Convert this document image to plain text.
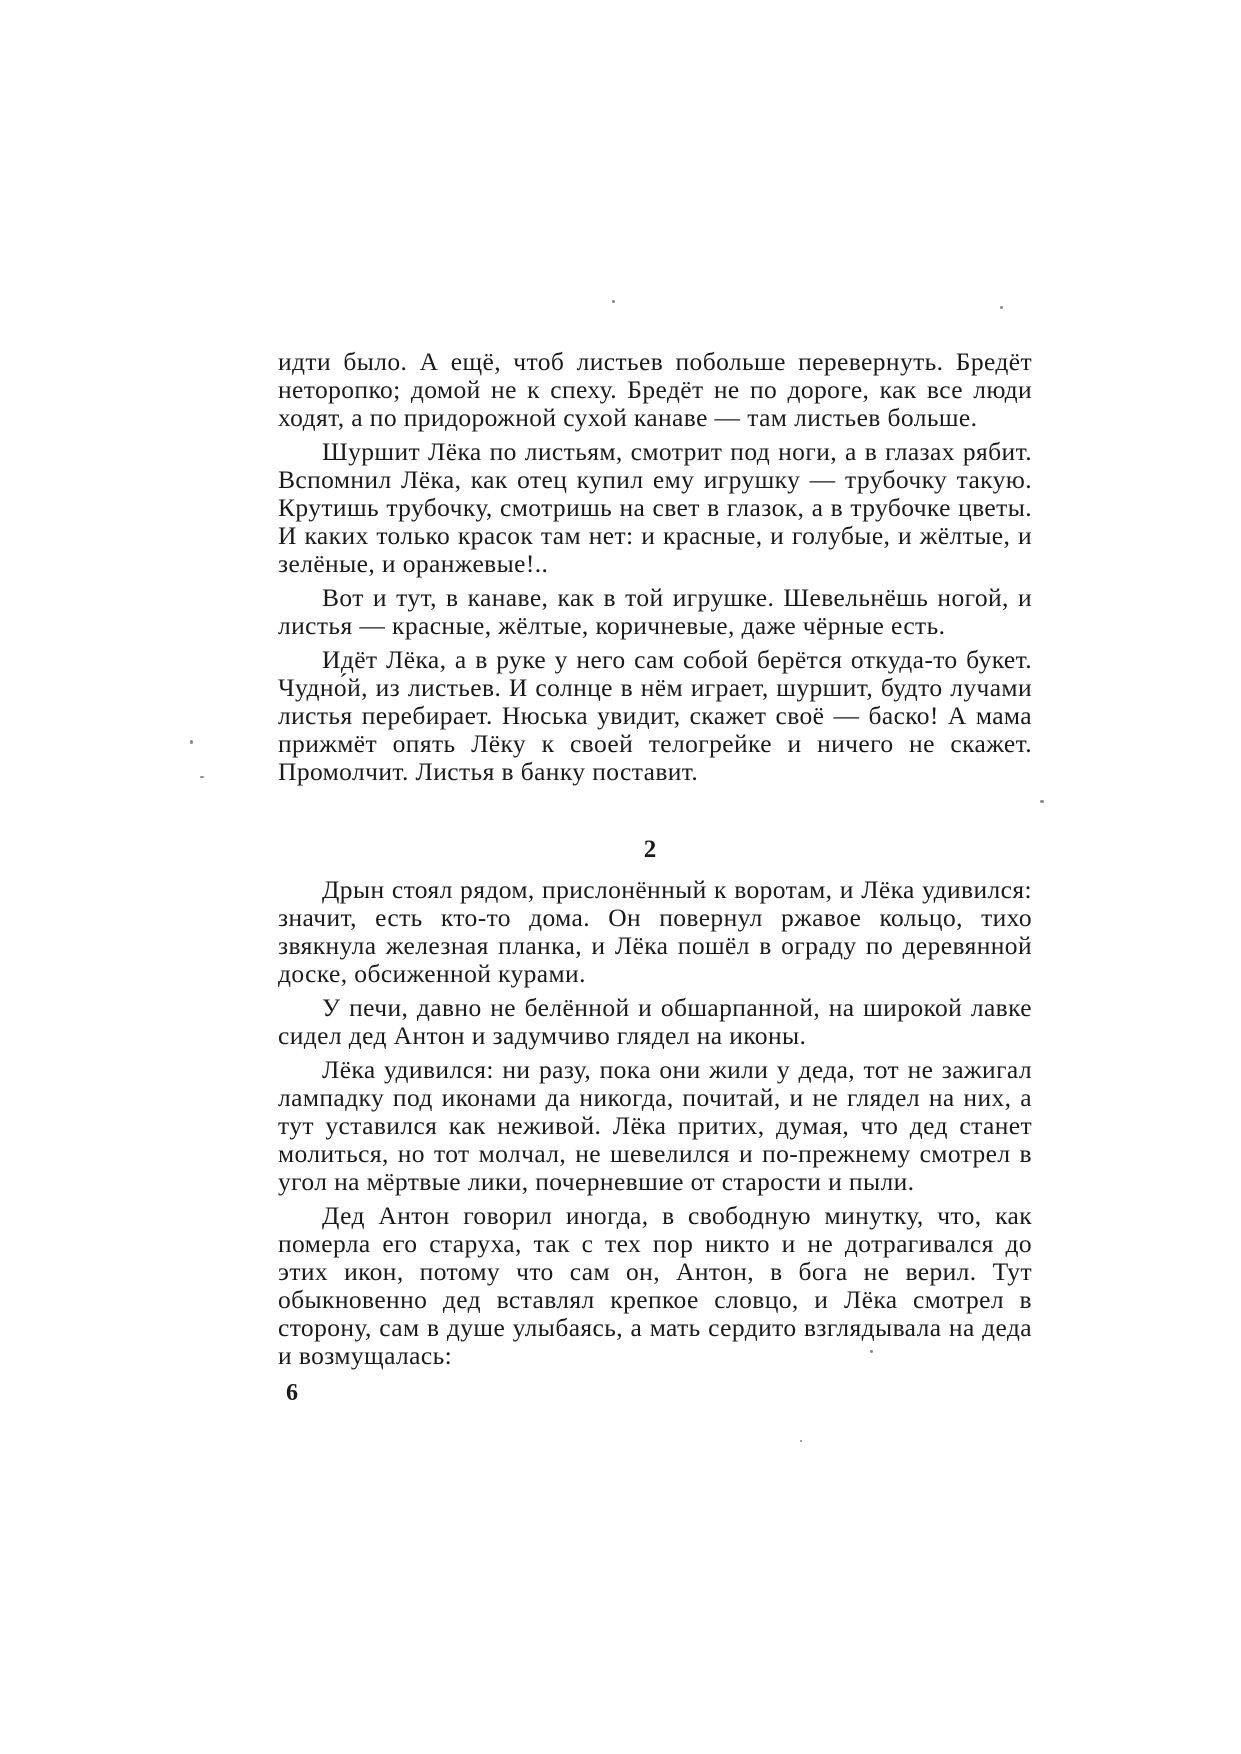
идти было. А ещё, чтоб листьев побольше перевернуть. Бредёт неторопко; домой не к спеху. Бредёт не по дороге, как все люди ходят, а по придорожной сухой канаве — там листьев больше.

Шуршит Лёка по листьям, смотрит под ноги, а в глазах рябит. Вспомнил Лёка, как отец купил ему игрушку — трубочку такую. Крутишь трубочку, смотришь на свет в глазок, а в трубочке цветы. И каких только красок там нет: и красные, и голубые, и жёлтые, и зелёные, и оранжевые!..

Вот и тут, в канаве, как в той игрушке. Шевельнёшь ногой, и листья — красные, жёлтые, коричневые, даже чёрные есть.

Идёт Лёка, а в руке у него сам собой берётся откуда-то букет. Чудно́й, из листьев. И солнце в нём играет, шуршит, будто лучами листья перебирает. Нюська увидит, скажет своё — баско! А мама прижмёт опять Лёку к своей телогрейке и ничего не скажет. Промолчит. Листья в банку поставит.

2

Дрын стоял рядом, прислонённый к воротам, и Лёка удивился: значит, есть кто-то дома. Он повернул ржавое кольцо, тихо звякнула железная планка, и Лёка пошёл в ограду по деревянной доске, обсиженной курами.

У печи, давно не белённой и обшарпанной, на широкой лавке сидел дед Антон и задумчиво глядел на иконы.

Лёка удивился: ни разу, пока они жили у деда, тот не зажигал лампадку под иконами да никогда, почитай, и не глядел на них, а тут уставился как неживой. Лёка притих, думая, что дед станет молиться, но тот молчал, не шевелился и по-прежнему смотрел в угол на мёртвые лики, почерневшие от старости и пыли.

Дед Антон говорил иногда, в свободную минутку, что, как померла его старуха, так с тех пор никто и не дотрагивался до этих икон, потому что сам он, Антон, в бога не верил. Тут обыкновенно дед вставлял крепкое словцо, и Лёка смотрел в сторону, сам в душе улыбаясь, а мать сердито взглядывала на деда и возмущалась:

6
